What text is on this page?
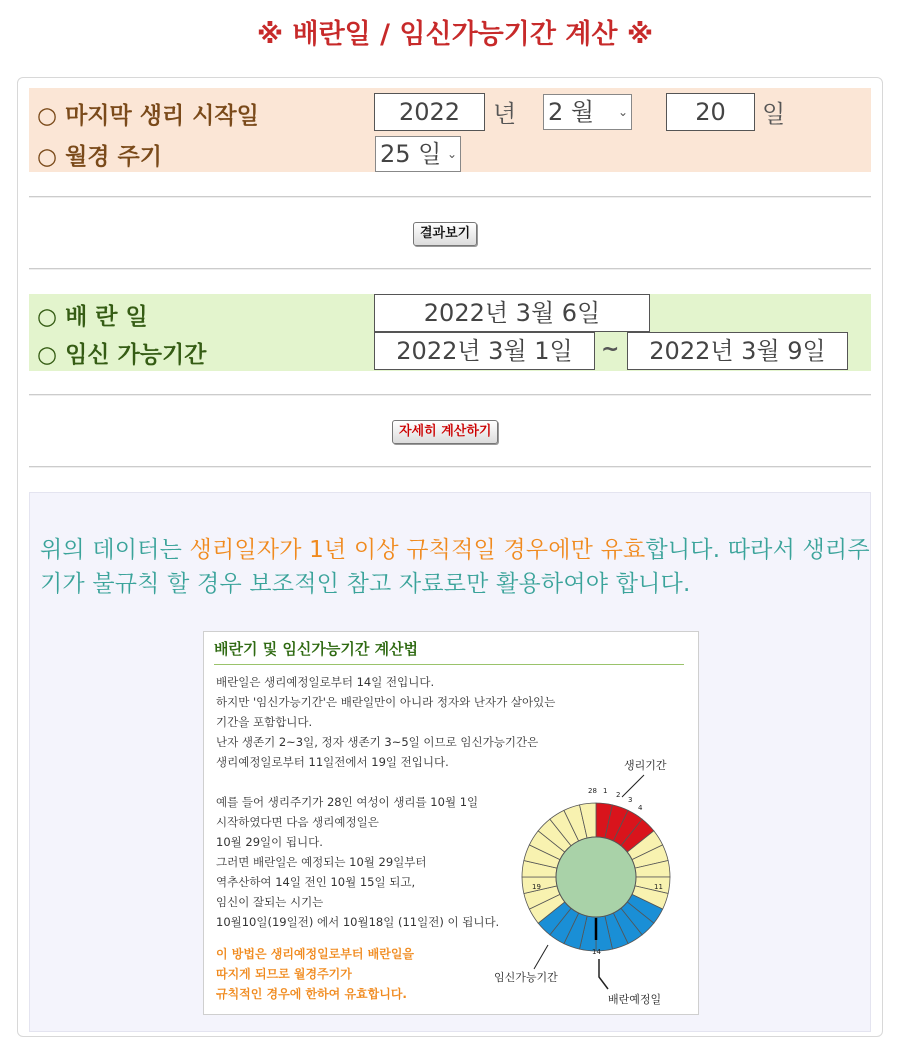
※ 배란일 / 임신가능기간 계산 ※
○ 마지막 생리 시작일	2022	년 2 월 ⌄	20	일
○ 월경 주기	25 일 ⌄
결과보기
○ 배 란 일	2022년 3월 6일
○ 임신 가능기간	2022년 3월 1일	~	2022년 3월 9일
자세히 계산하기
위의 데이터는 생리일자가 1년 이상 규칙적일 경우에만 유효합니다. 따라서 생리주기가 불규칙 할 경우 보조적인 참고 자료로만 활용하여야 합니다.
배란기 및 임신가능기간 계산법
배란일은 생리예정일로부터 14일 전입니다.
하지만 '임신가능기간'은 배란일만이 아니라 정자와 난자가 살아있는
기간을 포함합니다.
난자 생존기 2~3일, 정자 생존기 3~5일 이므로 임신가능기간은
생리예정일로부터 11일전에서 19일 전입니다.

예를 들어 생리주기가 28인 여성이 생리를 10월 1일
시작하였다면 다음 생리예정일은
10월 29일이 됩니다.
그러면 배란일은 예정되는 10월 29일부터
역추산하여 14일 전인 10월 15일 되고,
임신이 잘되는 시기는
10월10일(19일전) 에서 10월18일 (11일전) 이 됩니다.
이 방법은 생리예정일로부터 배란일을
따지게 되므로 월경주기가
규칙적인 경우에 한하여 유효합니다.
19	11
28 1 2
3
4
14
생리기간
임신가능기간
배란예정일
